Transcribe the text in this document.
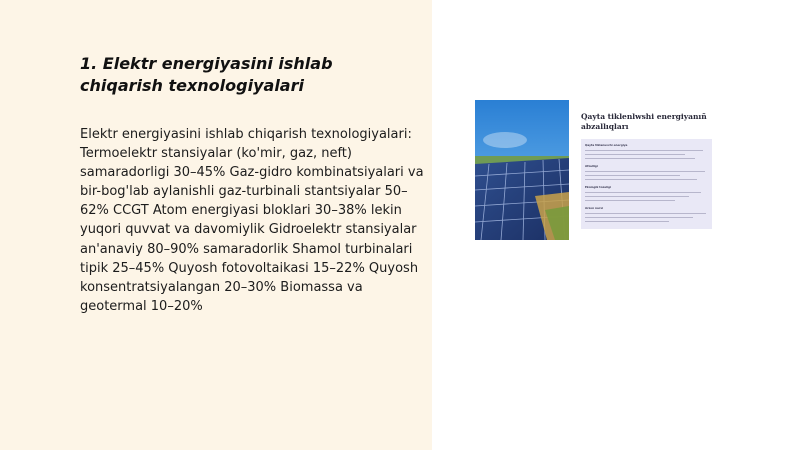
1. Elektr energiyasini ishlab chiqarish texnologiyalari

Elektr energiyasini ishlab chiqarish texnologiyalari: Termoelektr stansiyalar (ko'mir, gaz, neft) samaradorligi 30–45% Gaz-gidro kombinatsiyalari va bir-bog'lab aylanishli gaz-turbinali stantsiyalar 50–62% CCGT Atom energiyasi bloklari 30–38% lekin yuqori quvvat va davomiylik Gidroelektr stansiyalar an'anaviy 80–90% samaradorlik Shamol turbinalari tipik 25–45% Quyosh fotovoltaikasi 15–22% Quyosh konsentratsiyalangan 20–30% Biomassa va geotermal 10–20%

Qayta tiklenlwshi energiyanıñ abzallıqları
Qayta tiklanuvchi energiya
Afzalligi
Ekologik tozaligi
Arzon narxi
